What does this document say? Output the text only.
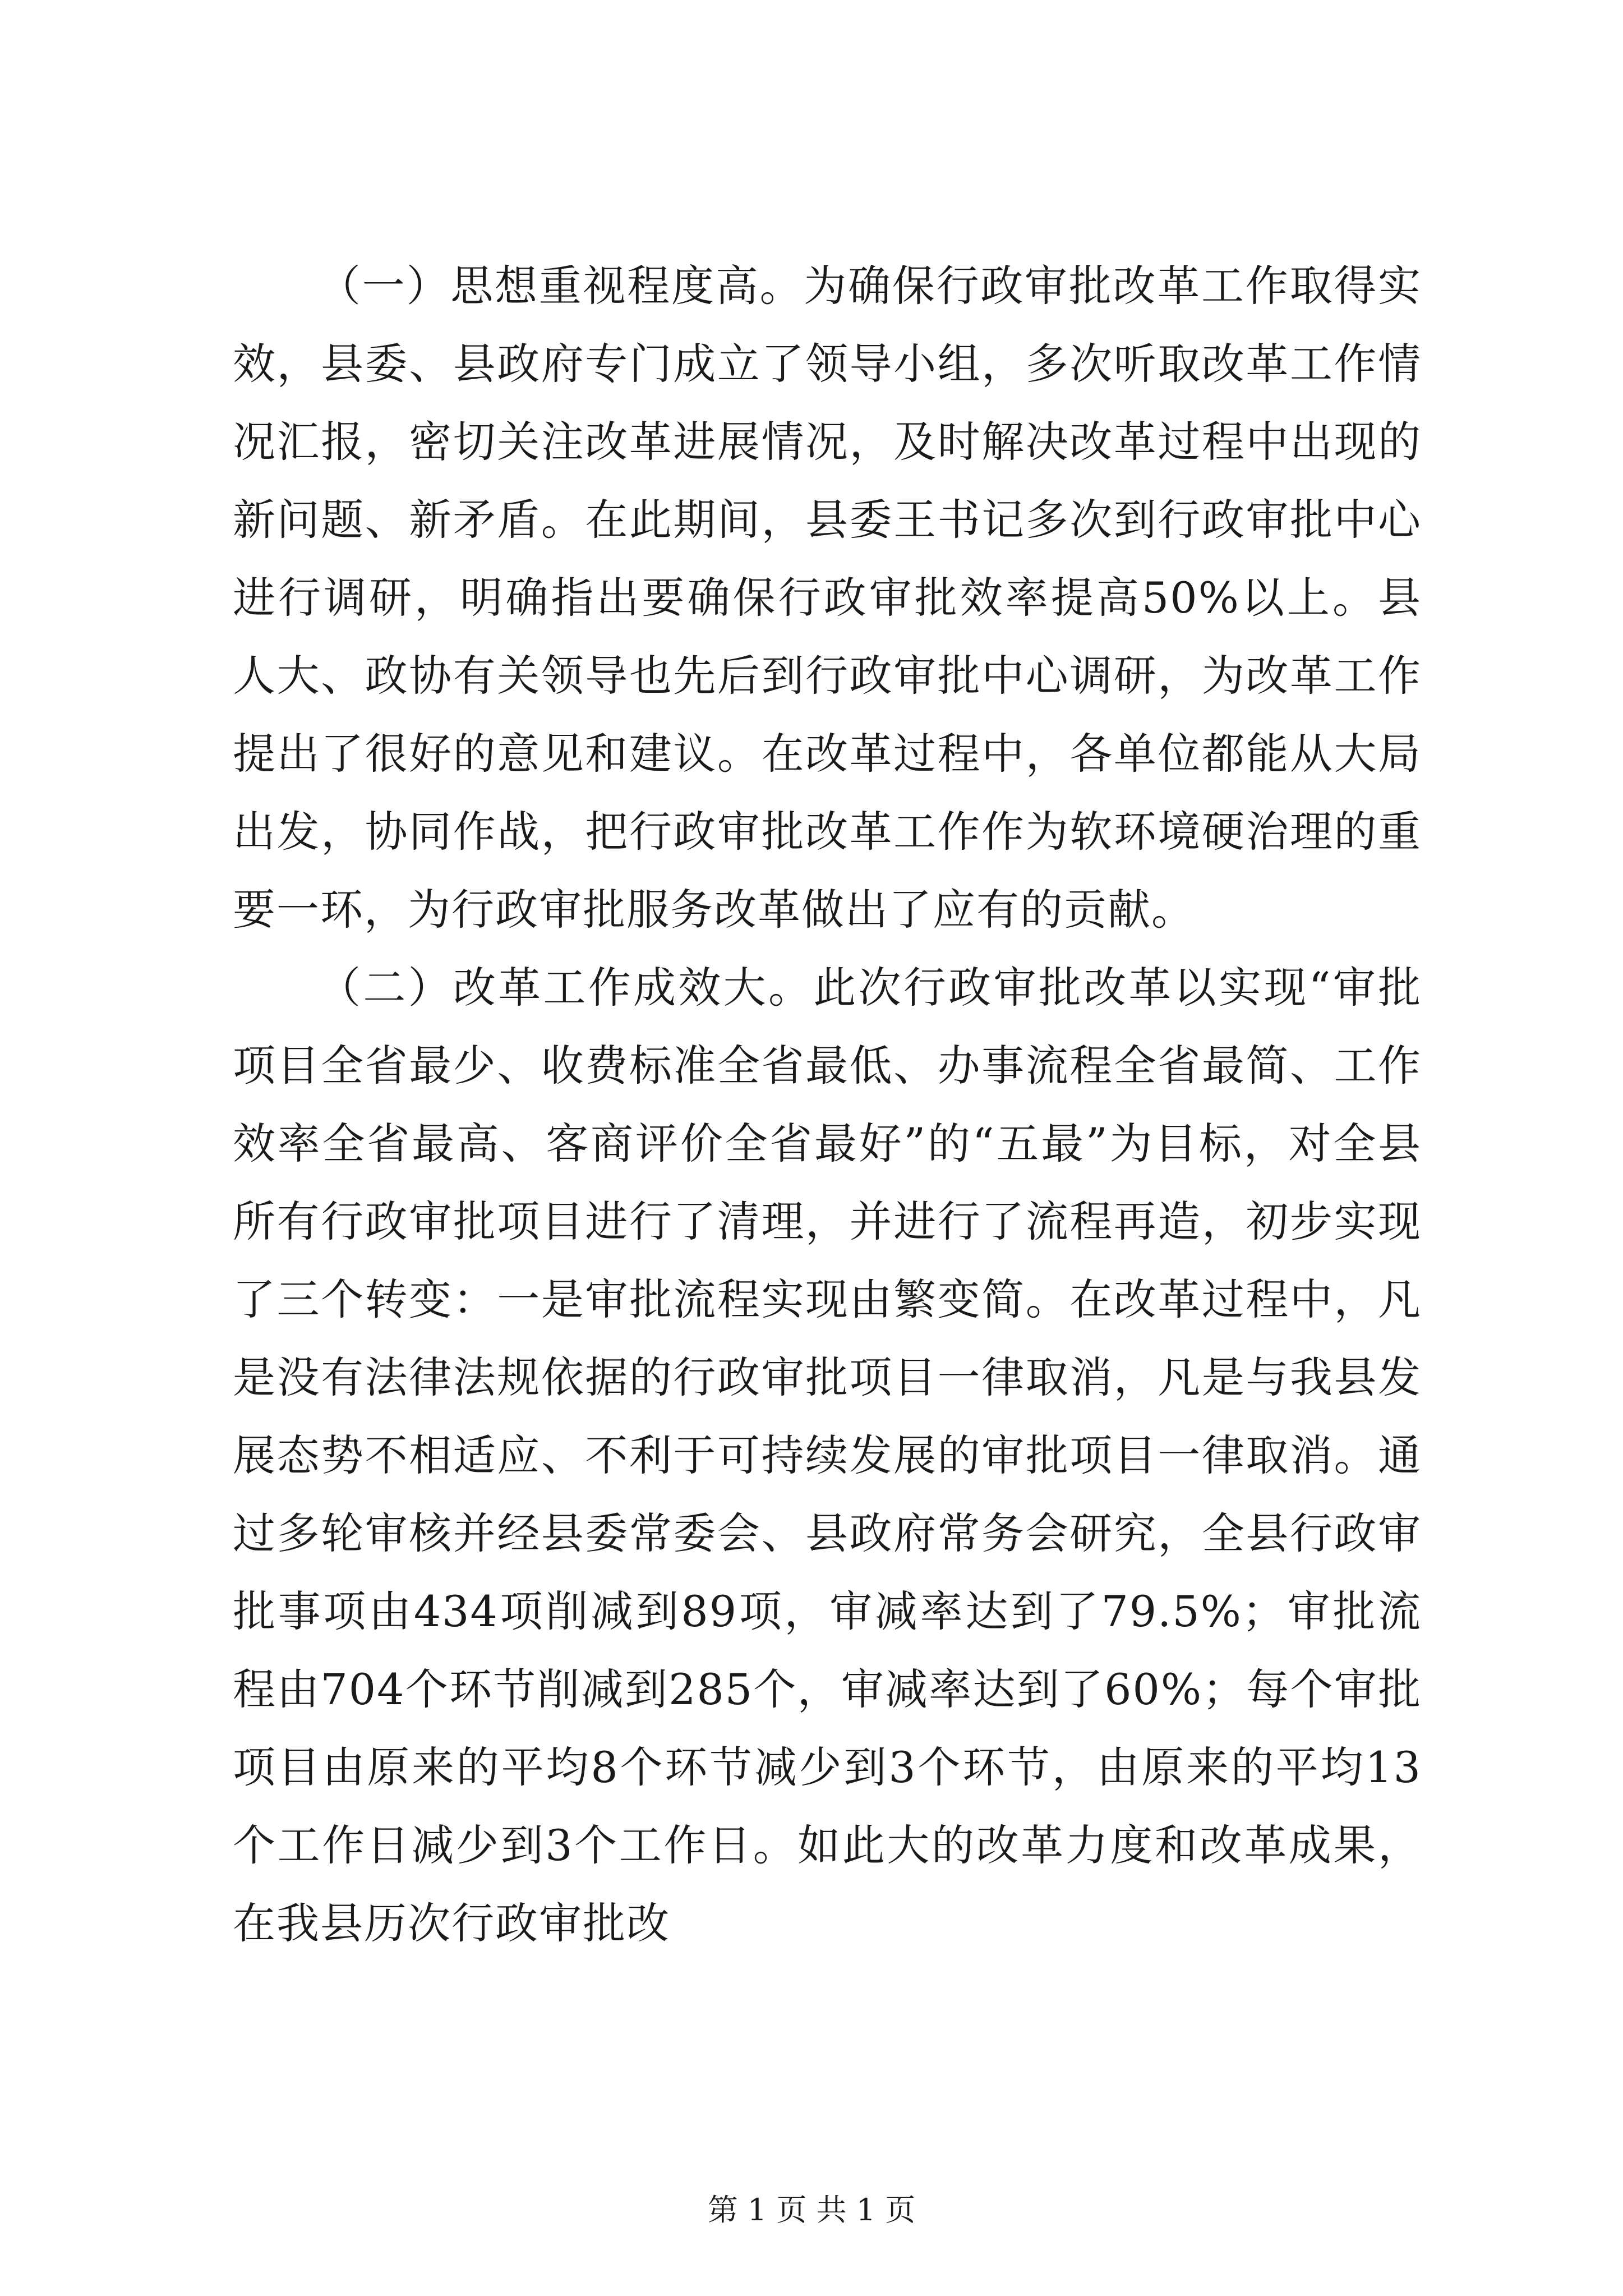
（一）思想重视程度高。为确保行政审批改革工作取得实效，县委、县政府专门成立了领导小组，多次听取改革工作情况汇报，密切关注改革进展情况，及时解决改革过程中出现的新问题、新矛盾。在此期间，县委王书记多次到行政审批中心进行调研，明确指出要确保行政审批效率提高50%以上。县人大、政协有关领导也先后到行政审批中心调研，为改革工作提出了很好的意见和建议。在改革过程中，各单位都能从大局出发，协同作战，把行政审批改革工作作为软环境硬治理的重要一环，为行政审批服务改革做出了应有的贡献。

（二）改革工作成效大。此次行政审批改革以实现“审批项目全省最少、收费标准全省最低、办事流程全省最简、工作效率全省最高、客商评价全省最好”的“五最”为目标，对全县所有行政审批项目进行了清理，并进行了流程再造，初步实现了三个转变：一是审批流程实现由繁变简。在改革过程中，凡是没有法律法规依据的行政审批项目一律取消，凡是与我县发展态势不相适应、不利于可持续发展的审批项目一律取消。通过多轮审核并经县委常委会、县政府常务会研究，全县行政审批事项由434项削减到89项，审减率达到了79.5%；审批流程由704个环节削减到285个，审减率达到了60%；每个审批项目由原来的平均8个环节减少到3个环节，由原来的平均13个工作日减少到3个工作日。如此大的改革力度和改革成果，在我县历次行政审批改

第 1 页 共 1 页
